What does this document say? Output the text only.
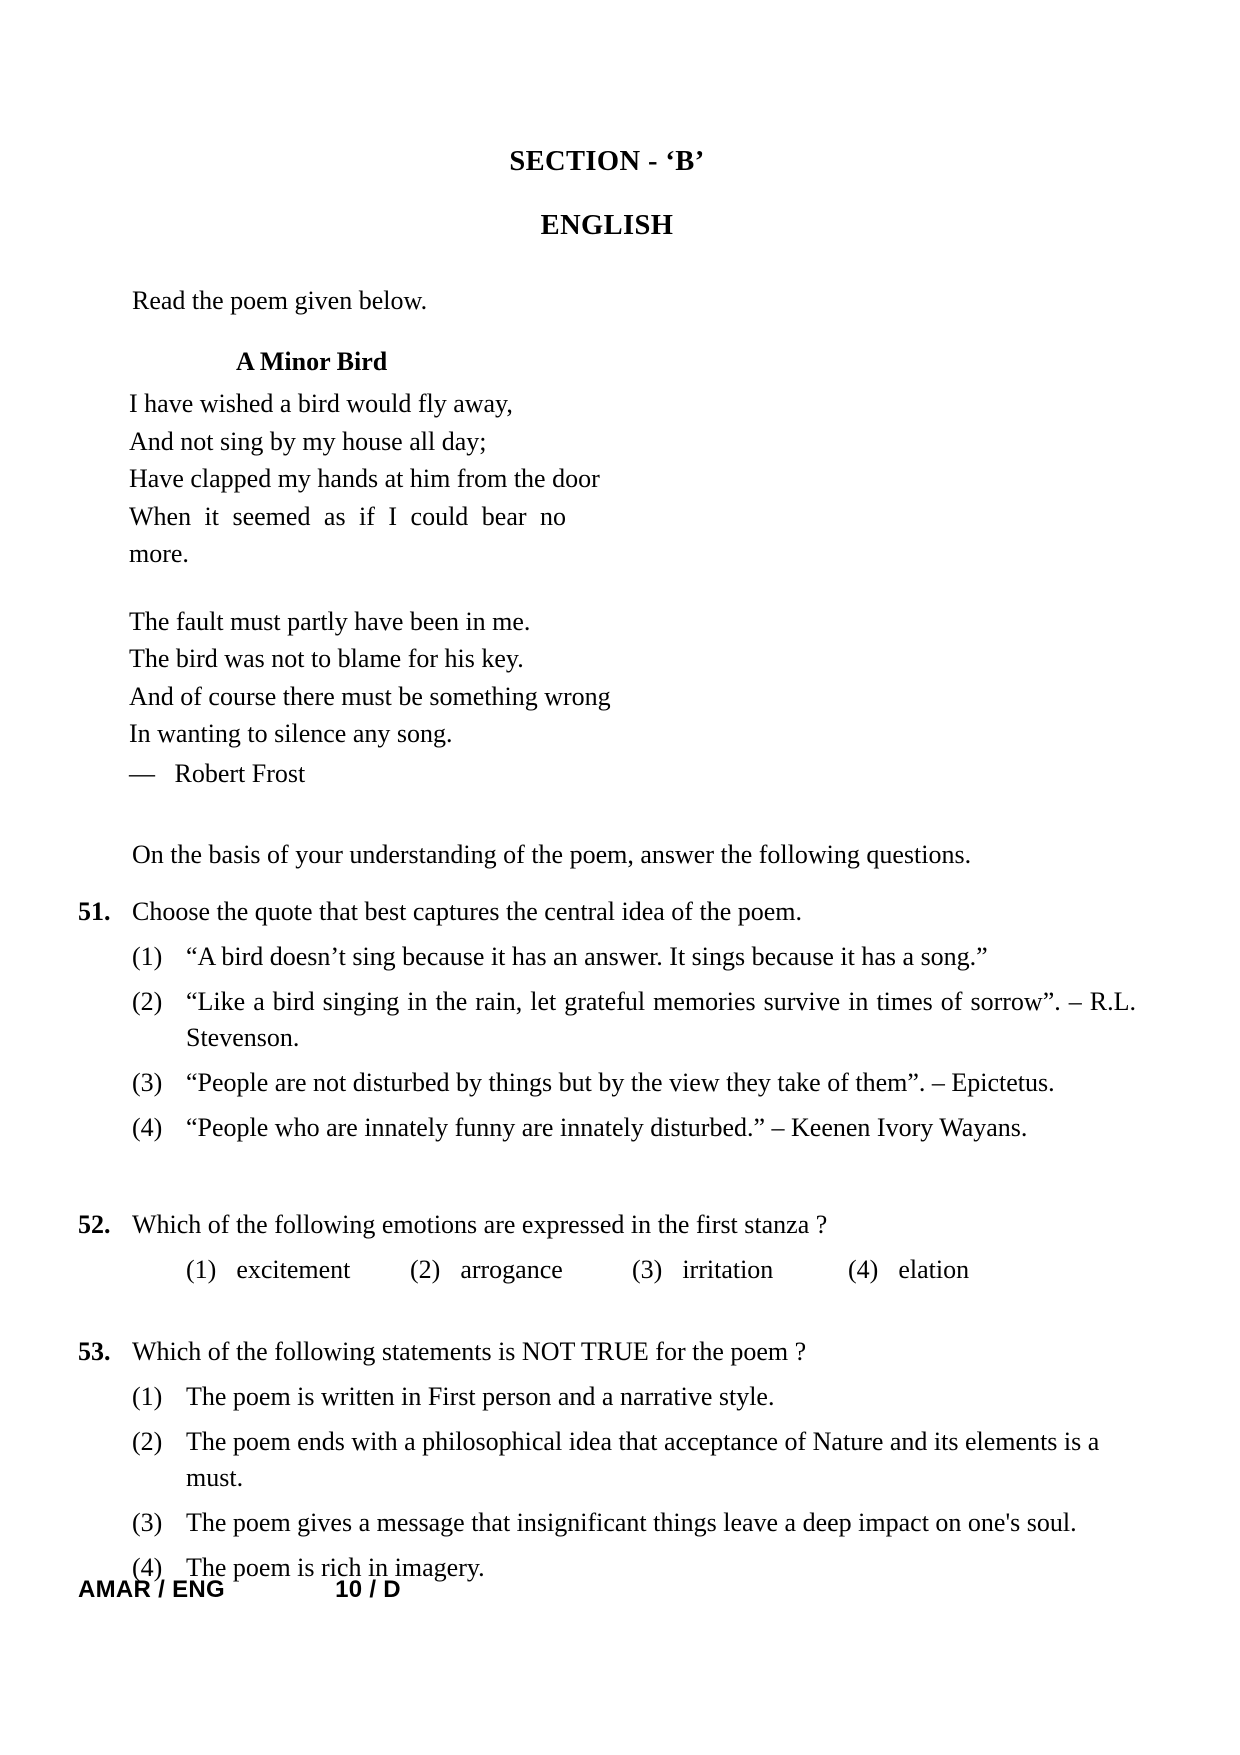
SECTION - ‘B’
ENGLISH

Read the poem given below.

A Minor Bird

I have wished a bird would fly away,

And not sing by my house all day;

Have clapped my hands at him from the door

When it seemed as if I could bear no more.

The fault must partly have been in me.

The bird was not to blame for his key.

And of course there must be something wrong

In wanting to silence any song.

—   Robert Frost

On the basis of your understanding of the poem, answer the following questions.

51. Choose the quote that best captures the central idea of the poem.

(1) “A bird doesn’t sing because it has an answer. It sings because it has a song.”

(2) “Like a bird singing in the rain, let grateful memories survive in times of sorrow”. – R.L. Stevenson.

(3) “People are not disturbed by things but by the view they take of them”. – Epictetus.

(4) “People who are innately funny are innately disturbed.” – Keenen Ivory Wayans.

52. Which of the following emotions are expressed in the first stanza ?

(1) excitement (2) arrogance	(3) irritation	(4) elation
53. Which of the following statements is NOT TRUE for the poem ?

(1) The poem is written in First person and a narrative style.

(2) The poem ends with a philosophical idea that acceptance of Nature and its elements is a must.

(3) The poem gives a message that insignificant things leave a deep impact on one's soul.

(4) The poem is rich in imagery.

AMAR / ENG	10 / D
